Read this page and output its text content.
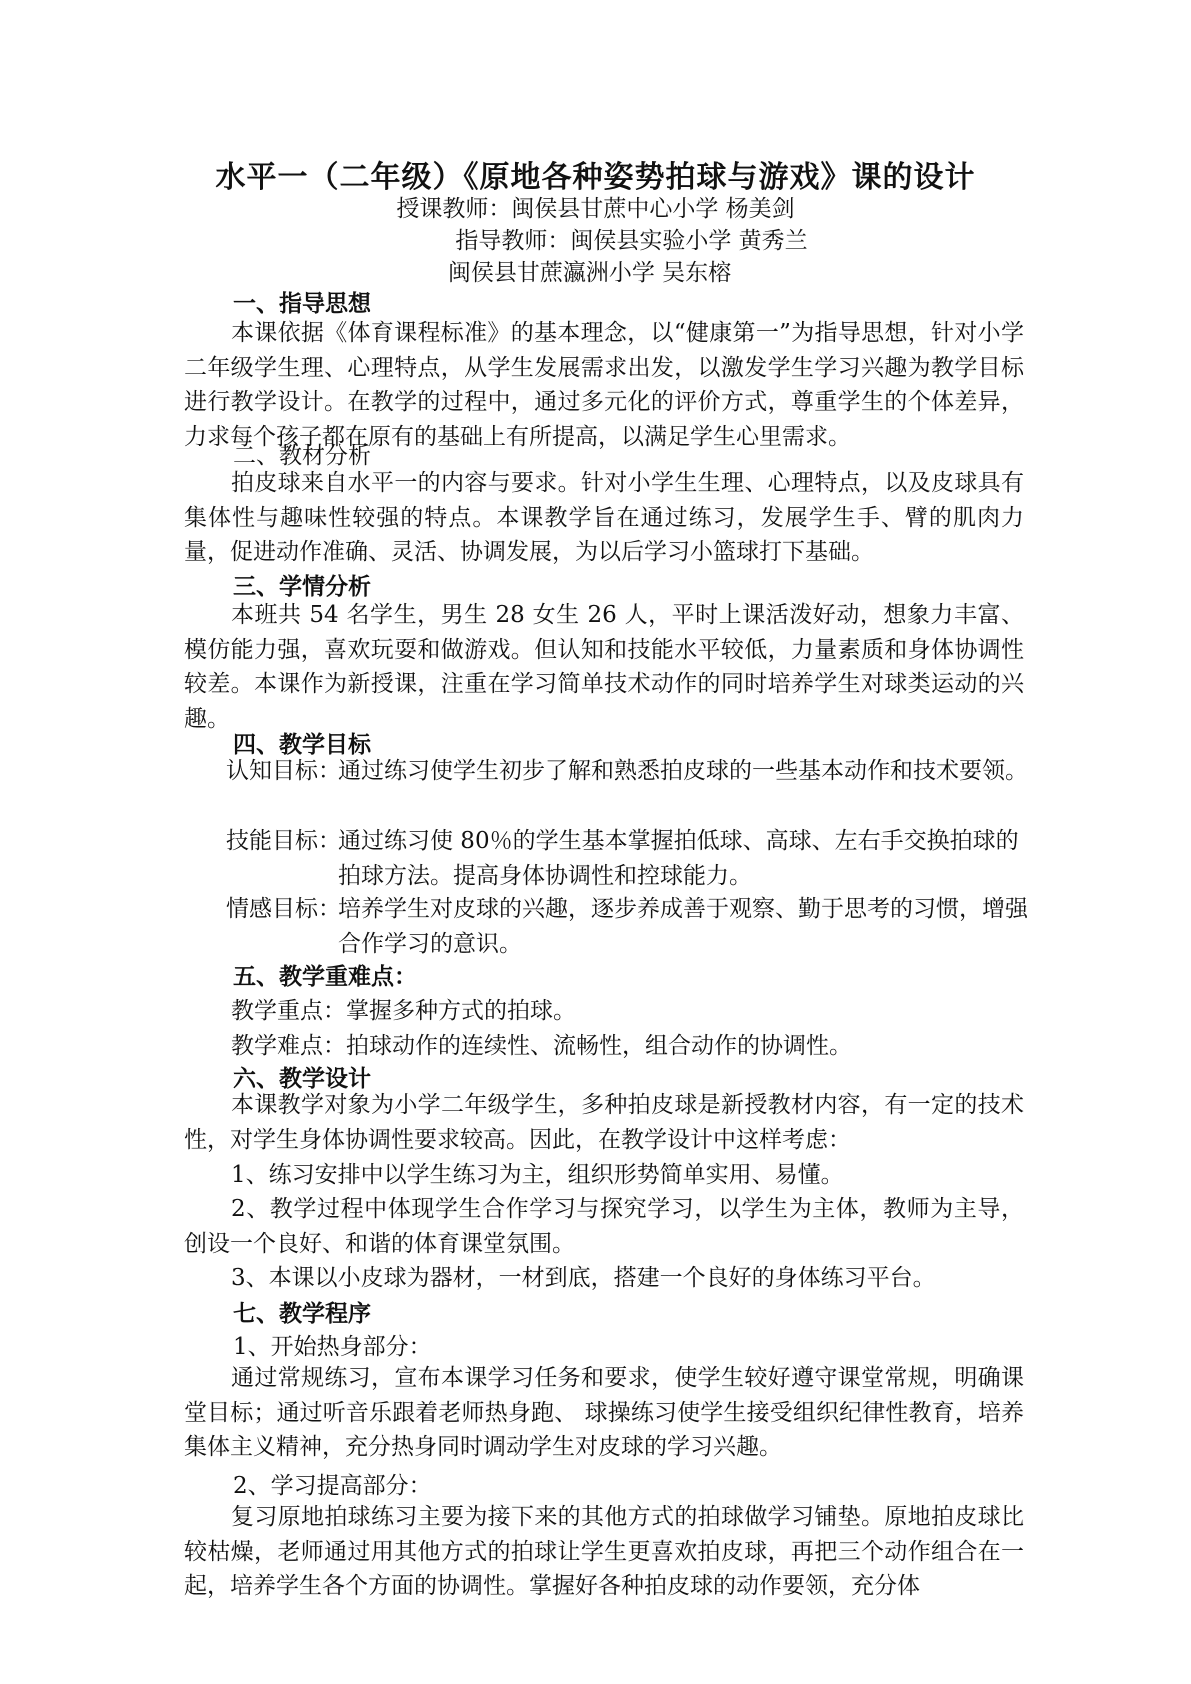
水平一（二年级）《原地各种姿势拍球与游戏》课的设计
授课教师：闽侯县甘蔗中心小学 杨美剑
指导教师：闽侯县实验小学 黄秀兰
闽侯县甘蔗瀛洲小学 吴东榕
一、指导思想
本课依据《体育课程标准》的基本理念，以“健康第一”为指导思想，针对小学二年级学生理、心理特点，从学生发展需求出发，以激发学生学习兴趣为教学目标进行教学设计。在教学的过程中，通过多元化的评价方式，尊重学生的个体差异，力求每个孩子都在原有的基础上有所提高，以满足学生心里需求。
二、教材分析
拍皮球来自水平一的内容与要求。针对小学生生理、心理特点，以及皮球具有集体性与趣味性较强的特点。本课教学旨在通过练习，发展学生手、臂的肌肉力量，促进动作准确、灵活、协调发展，为以后学习小篮球打下基础。
三、学情分析
本班共 54 名学生，男生 28 女生 26 人，平时上课活泼好动，想象力丰富、模仿能力强，喜欢玩耍和做游戏。但认知和技能水平较低，力量素质和身体协调性较差。本课作为新授课，注重在学习简单技术动作的同时培养学生对球类运动的兴趣。
四、教学目标
认知目标：
通过练习使学生初步了解和熟悉拍皮球的一些基本动作和技术要领。
技能目标：
通过练习使 80％的学生基本掌握拍低球、高球、左右手交换拍球的拍球方法。提高身体协调性和控球能力。
情感目标：
培养学生对皮球的兴趣，逐步养成善于观察、勤于思考的习惯，增强合作学习的意识。
五、教学重难点：
教学重点：掌握多种方式的拍球。
教学难点：拍球动作的连续性、流畅性，组合动作的协调性。
六、教学设计
本课教学对象为小学二年级学生，多种拍皮球是新授教材内容，有一定的技术性，对学生身体协调性要求较高。因此，在教学设计中这样考虑：
1、练习安排中以学生练习为主，组织形势简单实用、易懂。
2、教学过程中体现学生合作学习与探究学习，以学生为主体，教师为主导，创设一个良好、和谐的体育课堂氛围。
3、本课以小皮球为器材，一材到底，搭建一个良好的身体练习平台。
七、教学程序
1、开始热身部分：
通过常规练习，宣布本课学习任务和要求，使学生较好遵守课堂常规，明确课堂目标；通过听音乐跟着老师热身跑、 球操练习使学生接受组织纪律性教育，培养集体主义精神，充分热身同时调动学生对皮球的学习兴趣。
2、学习提高部分：
复习原地拍球练习主要为接下来的其他方式的拍球做学习铺垫。原地拍皮球比较枯燥，老师通过用其他方式的拍球让学生更喜欢拍皮球，再把三个动作组合在一起，培养学生各个方面的协调性。掌握好各种拍皮球的动作要领，充分体
